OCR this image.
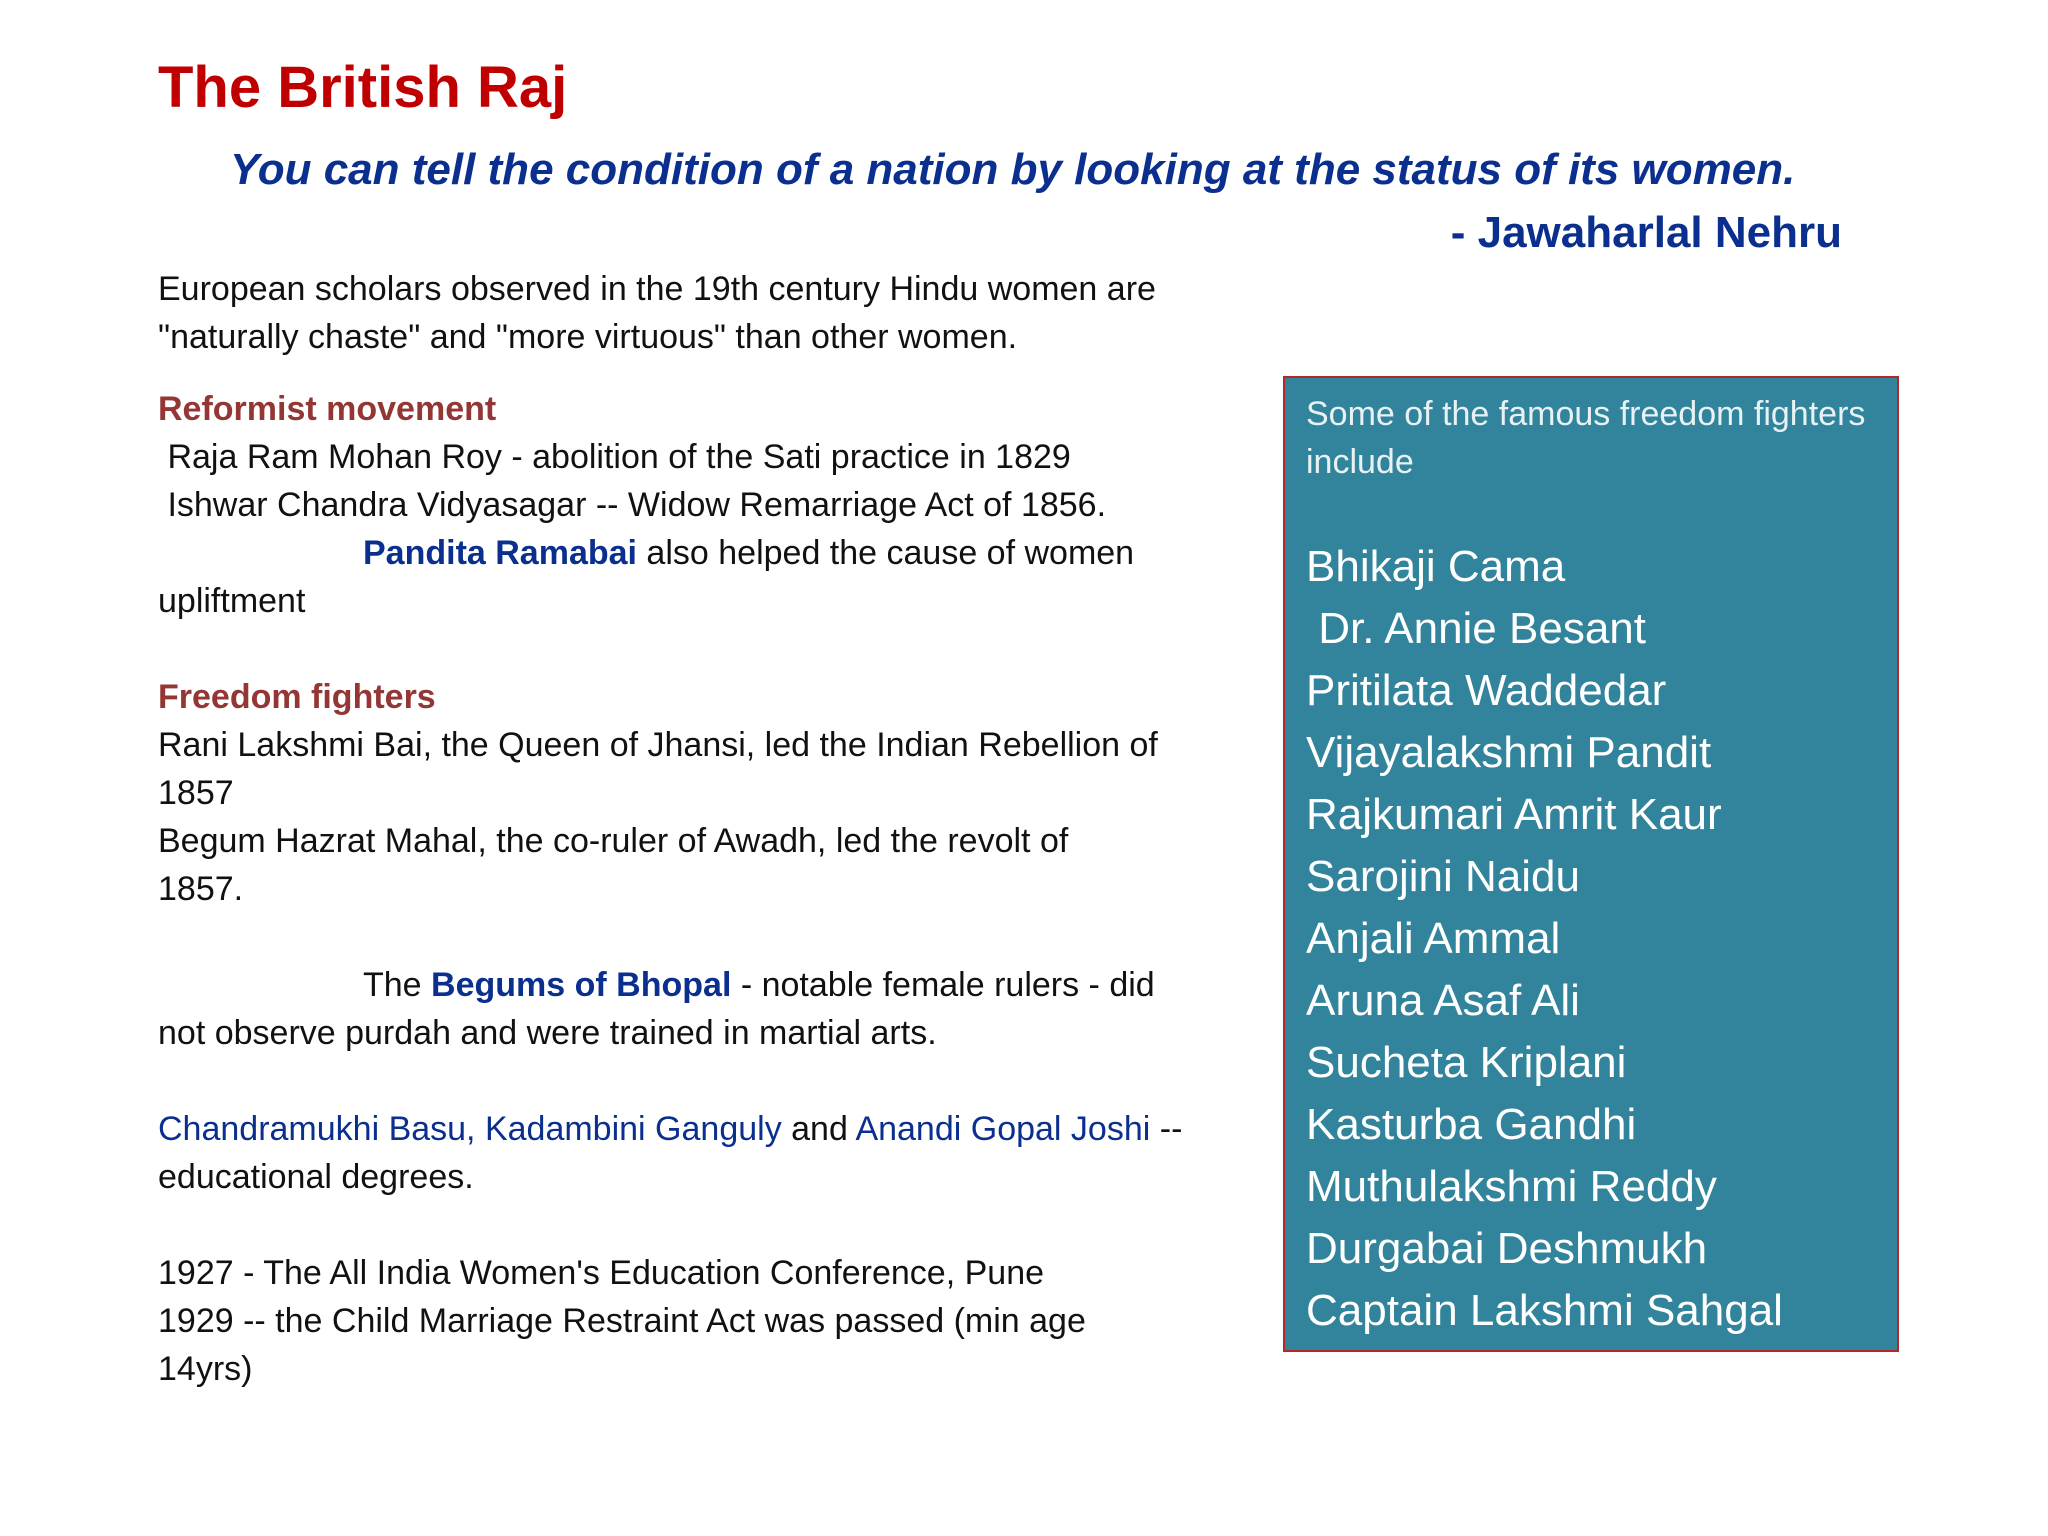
The British Raj
You can tell the condition of a nation by looking at the status of its women.
- Jawaharlal Nehru

European scholars observed in the 19th century Hindu women are

"naturally chaste" and "more virtuous" than other women.

Reformist movement

Raja Ram Mohan Roy - abolition of the Sati practice in 1829

Ishwar Chandra Vidyasagar -- Widow Remarriage Act of 1856.

Pandita Ramabai also helped the cause of women

upliftment

Freedom fighters

Rani Lakshmi Bai, the Queen of Jhansi, led the Indian Rebellion of

1857

Begum Hazrat Mahal, the co-ruler of Awadh, led the revolt of

1857.

The Begums of Bhopal - notable female rulers - did

not observe purdah and were trained in martial arts.

Chandramukhi Basu, Kadambini Ganguly and Anandi Gopal Joshi --

educational degrees.

1927 - The All India Women's Education Conference, Pune

1929 -- the Child Marriage Restraint Act was passed (min age

14yrs)

Some of the famous freedom fighters include
Bhikaji Cama
Dr. Annie Besant
Pritilata Waddedar
Vijayalakshmi Pandit
Rajkumari Amrit Kaur
Sarojini Naidu
Anjali Ammal
Aruna Asaf Ali
Sucheta Kriplani
Kasturba Gandhi
Muthulakshmi Reddy
Durgabai Deshmukh
Captain Lakshmi Sahgal
